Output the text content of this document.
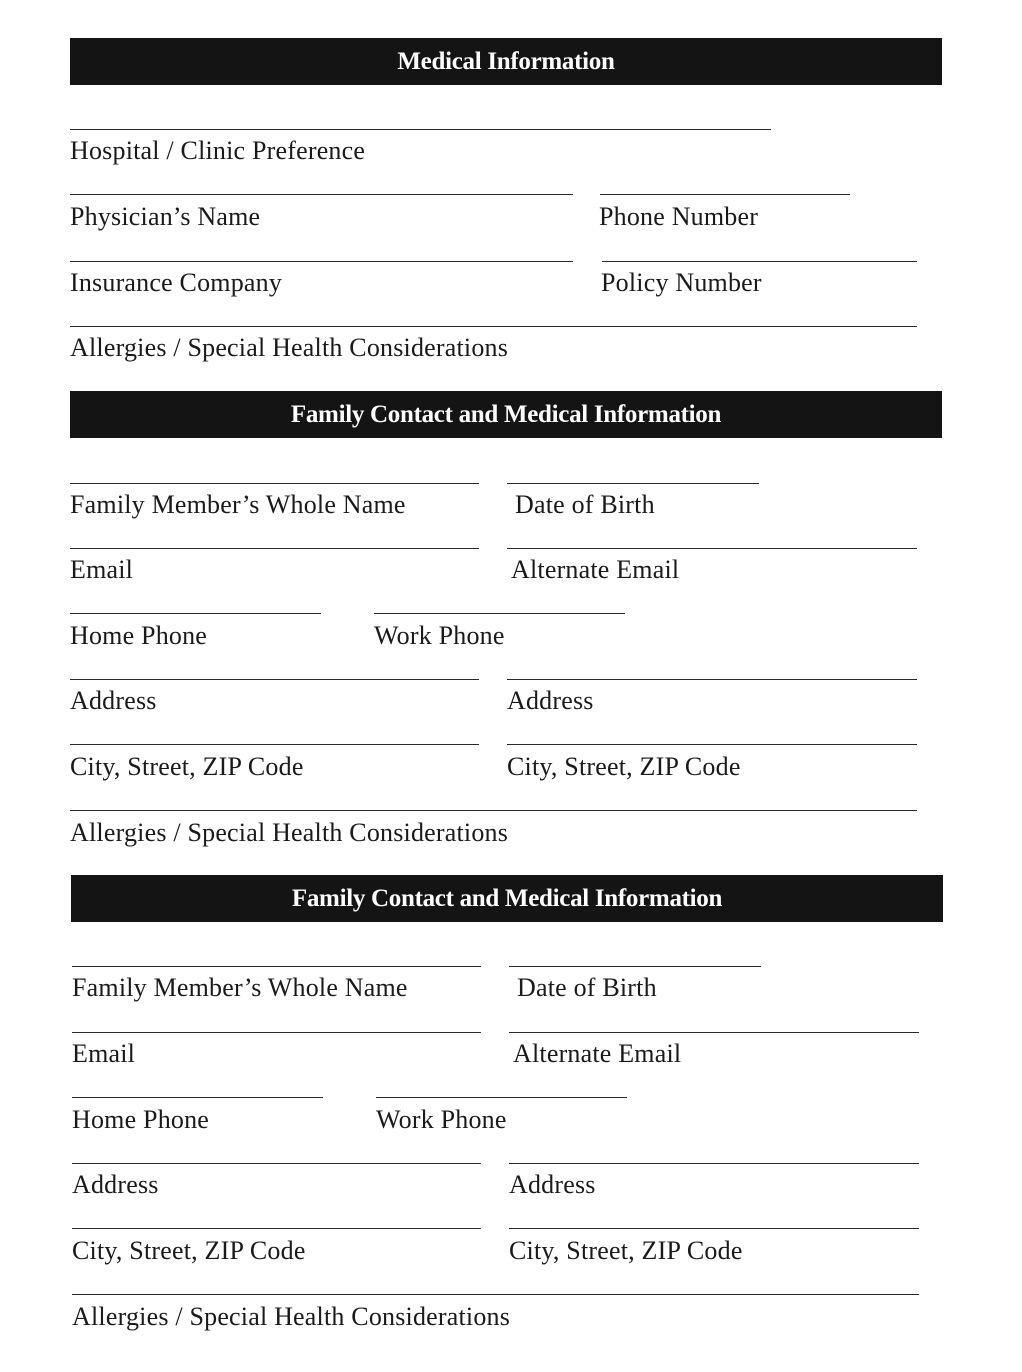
Medical Information
Hospital / Clinic Preference
Physician’s Name	Phone Number
Insurance Company	Policy Number
Allergies / Special Health Considerations
Family Contact and Medical Information
Family Member’s Whole Name	Date of Birth
Email	Alternate Email
Home Phone	Work Phone
Address	Address
City, Street, ZIP Code	City, Street, ZIP Code
Allergies / Special Health Considerations
Family Contact and Medical Information
Family Member’s Whole Name	Date of Birth
Email	Alternate Email
Home Phone	Work Phone
Address	Address
City, Street, ZIP Code	City, Street, ZIP Code
Allergies / Special Health Considerations
